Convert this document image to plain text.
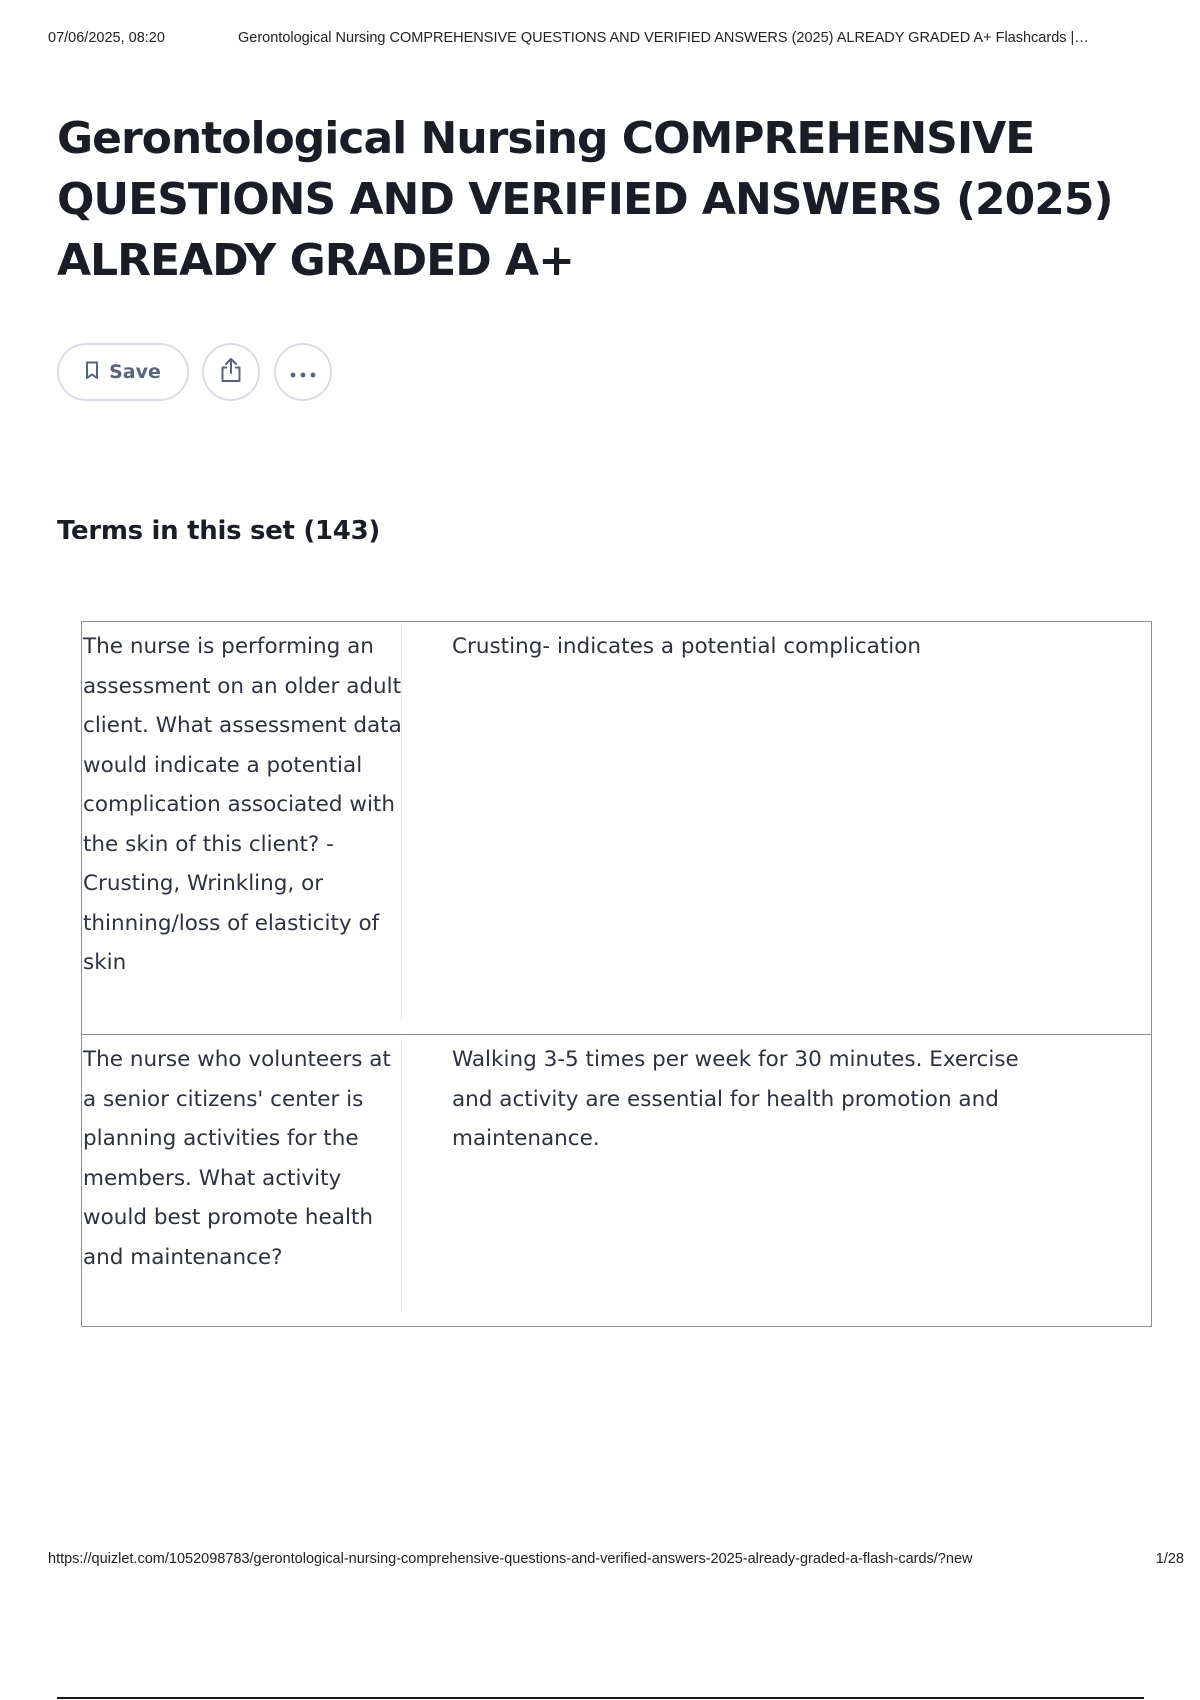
07/06/2025, 08:20	Gerontological Nursing COMPREHENSIVE QUESTIONS AND VERIFIED ANSWERS (2025) ALREADY GRADED A+ Flashcards |…
Gerontological Nursing COMPREHENSIVE QUESTIONS AND VERIFIED ANSWERS (2025) ALREADY GRADED A+
Save
Terms in this set (143)
The nurse is performing an assessment on an older adult client. What assessment data would indicate a potential complication associated with the skin of this client? - Crusting, Wrinkling, or thinning/loss of elasticity of skin
Crusting- indicates a potential complication
The nurse who volunteers at a senior citizens' center is planning activities for the members. What activity would best promote health and maintenance?
Walking 3-5 times per week for 30 minutes. Exercise and activity are essential for health promotion and maintenance.
https://quizlet.com/1052098783/gerontological-nursing-comprehensive-questions-and-verified-answers-2025-already-graded-a-flash-cards/?new	1/28
